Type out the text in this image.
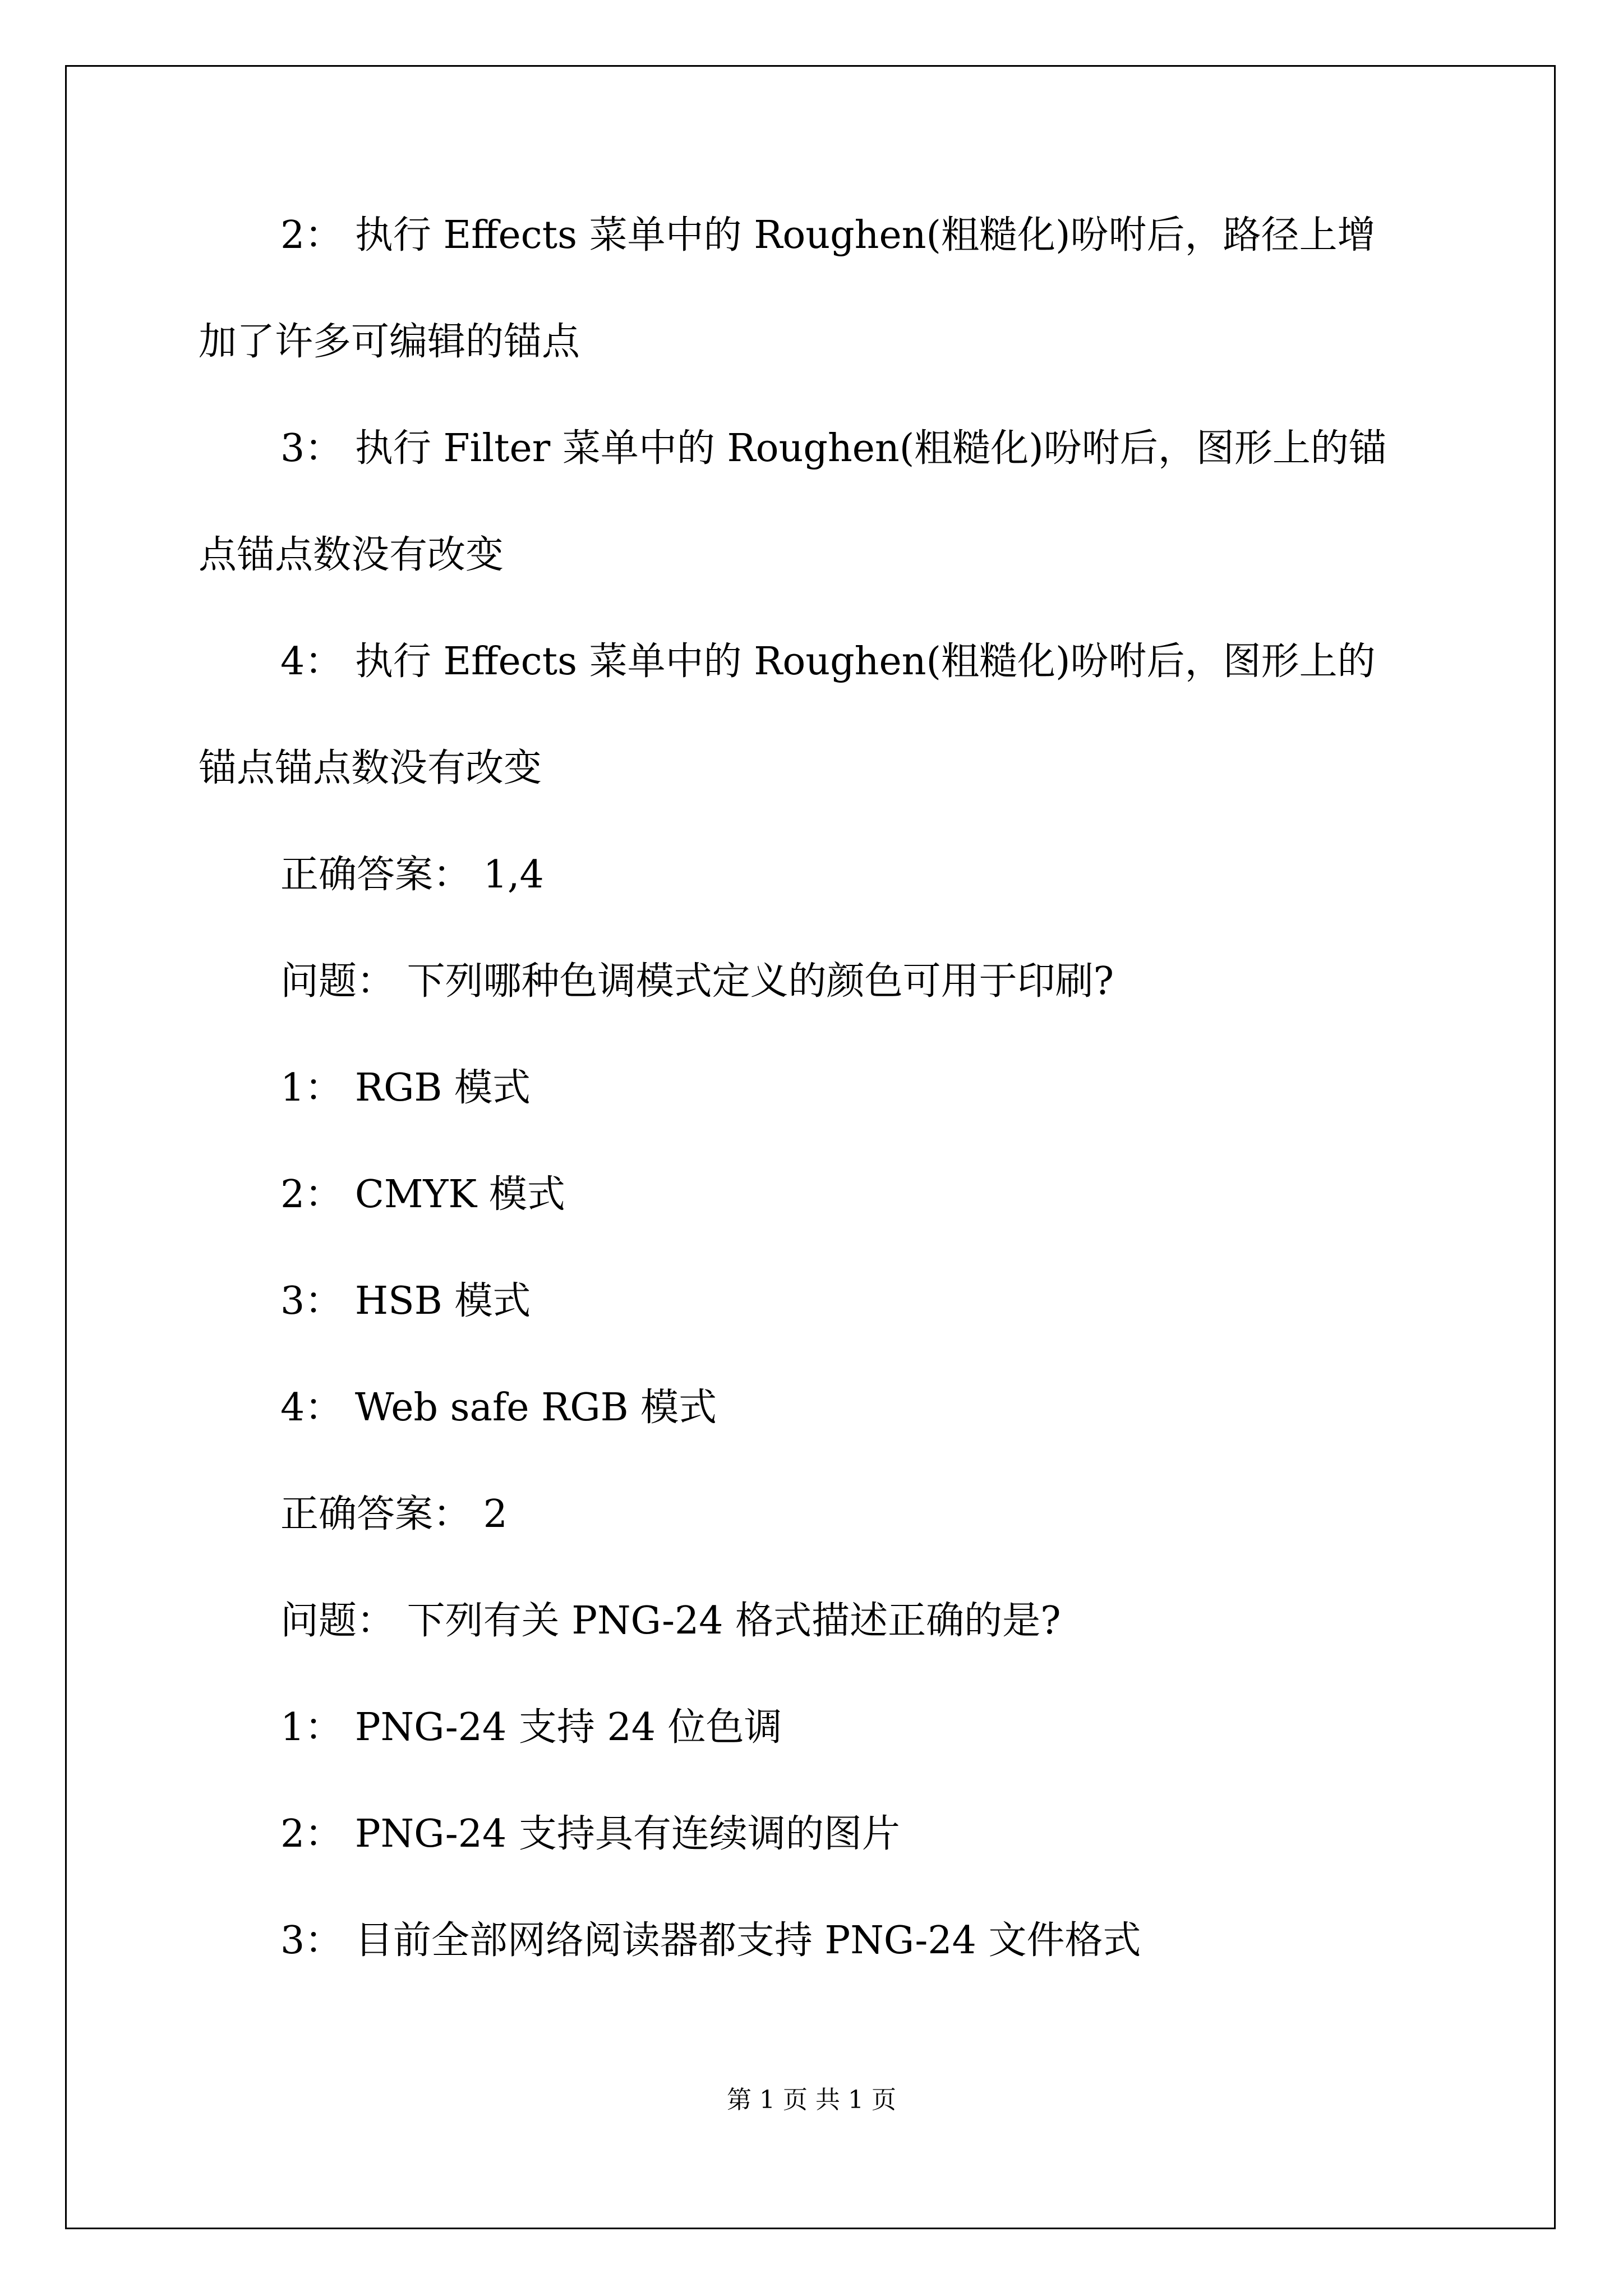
2： 执行 Effects 菜单中的 Roughen(粗糙化)吩咐后，路径上增
加了许多可编辑的锚点
3： 执行 Filter 菜单中的 Roughen(粗糙化)吩咐后，图形上的锚
点锚点数没有改变
4： 执行 Effects 菜单中的 Roughen(粗糙化)吩咐后，图形上的
锚点锚点数没有改变
正确答案： 1,4
问题： 下列哪种色调模式定义的颜色可用于印刷?
1： RGB 模式
2： CMYK 模式
3： HSB 模式
4： Web safe RGB 模式
正确答案： 2
问题： 下列有关 PNG-24 格式描述正确的是?
1： PNG-24 支持 24 位色调
2： PNG-24 支持具有连续调的图片
3： 目前全部网络阅读器都支持 PNG-24 文件格式
第 1 页 共 1 页
